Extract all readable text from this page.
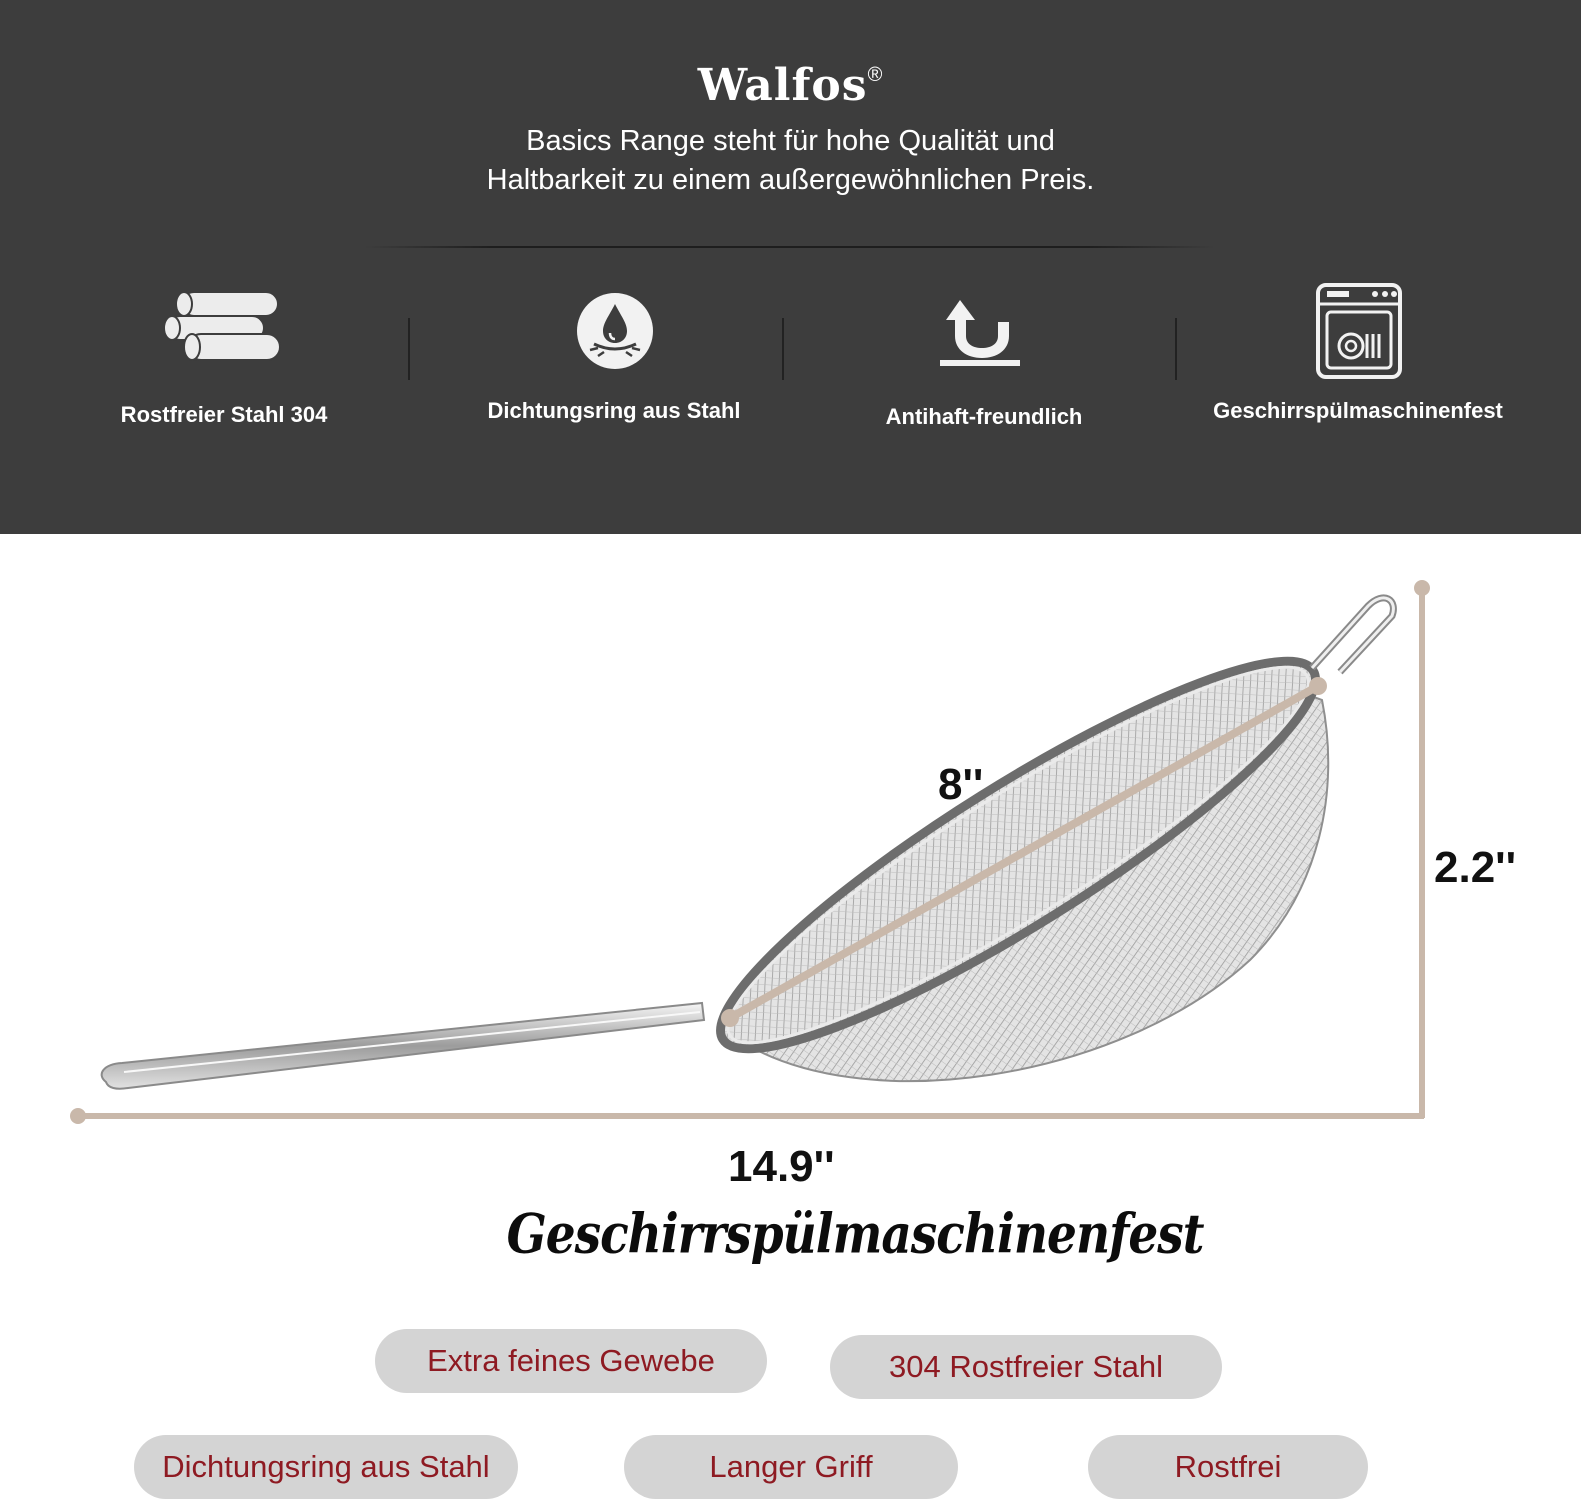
Walfos®
Basics Range steht für hohe Qualität und
Haltbarkeit zu einem außergewöhnlichen Preis.
Rostfreier Stahl 304	Dichtungsring aus Stahl	Antihaft-freundlich	Geschirrspülmaschinenfest
8''
2.2''
14.9''
Geschirrspülmaschinenfest
Extra feines Gewebe	304 Rostfreier Stahl
Dichtungsring aus Stahl	Langer Griff	Rostfrei
